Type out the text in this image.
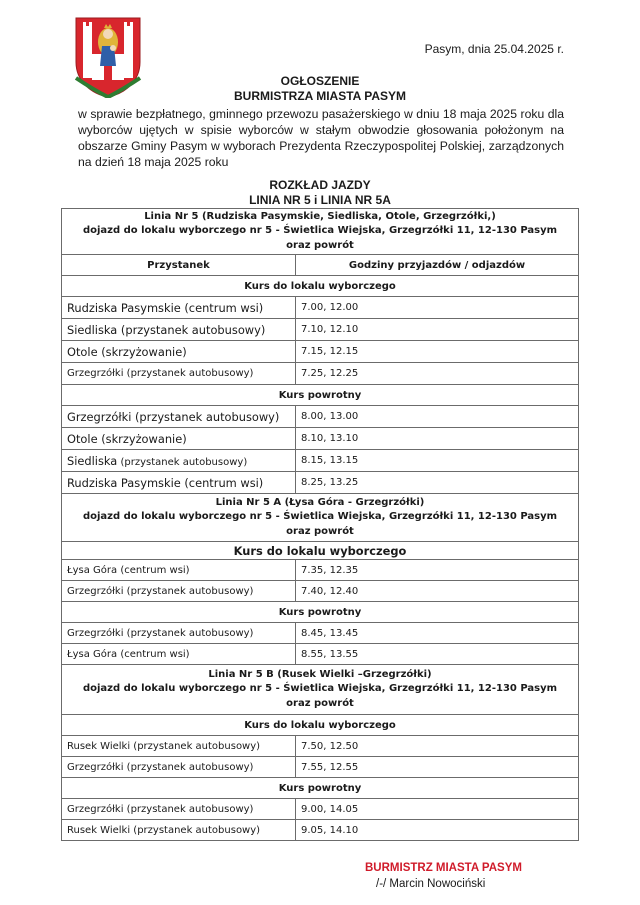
Pasym, dnia 25.04.2025 r.
OGŁOSZENIE
BURMISTRZA MIASTA PASYM
w sprawie bezpłatnego, gminnego przewozu pasażerskiego w dniu 18 maja 2025 roku dla wyborców ujętych w spisie wyborców w stałym obwodzie głosowania położonym na obszarze Gminy Pasym w wyborach Prezydenta Rzeczypospolitej Polskiej, zarządzonych na dzień 18 maja 2025 roku
ROZKŁAD JAZDY
LINIA NR 5 i LINIA NR 5A
Linia Nr 5 (Rudziska Pasymskie, Siedliska, Otole, Grzegrzółki,)
dojazd do lokalu wyborczego nr 5 - Świetlica Wiejska, Grzegrzółki 11, 12-130 Pasym
oraz powrót	

Przystanek	Godziny przyjazdów / odjazdów
Kurs do lokalu wyborczego	
Rudziska Pasymskie (centrum wsi)	7.00, 12.00
Siedliska (przystanek autobusowy)	7.10, 12.10
Otole (skrzyżowanie)	7.15, 12.15
Grzegrzółki (przystanek autobusowy)	7.25, 12.25
Kurs powrotny	
Grzegrzółki (przystanek autobusowy)	8.00, 13.00
Otole (skrzyżowanie)	8.10, 13.10
Siedliska (przystanek autobusowy)	8.15, 13.15
Rudziska Pasymskie (centrum wsi)	8.25, 13.25

Linia Nr 5 A (Łysa Góra - Grzegrzółki)
dojazd do lokalu wyborczego nr 5 - Świetlica Wiejska, Grzegrzółki 11, 12-130 Pasym
oraz powrót	

Kurs do lokalu wyborczego	
Łysa Góra (centrum wsi)	7.35, 12.35
Grzegrzółki (przystanek autobusowy)	7.40, 12.40
Kurs powrotny	
Grzegrzółki (przystanek autobusowy)	8.45, 13.45
Łysa Góra (centrum wsi)	8.55, 13.55

Linia Nr 5 B (Rusek Wielki –Grzegrzółki)
dojazd do lokalu wyborczego nr 5 - Świetlica Wiejska, Grzegrzółki 11, 12-130 Pasym
oraz powrót	

Kurs do lokalu wyborczego	
Rusek Wielki (przystanek autobusowy)	7.50, 12.50
Grzegrzółki (przystanek autobusowy)	7.55, 12.55
Kurs powrotny	
Grzegrzółki (przystanek autobusowy)	9.00, 14.05
Rusek Wielki (przystanek autobusowy)	9.05, 14.10
BURMISTRZ MIASTA PASYM
/-/ Marcin Nowociński
